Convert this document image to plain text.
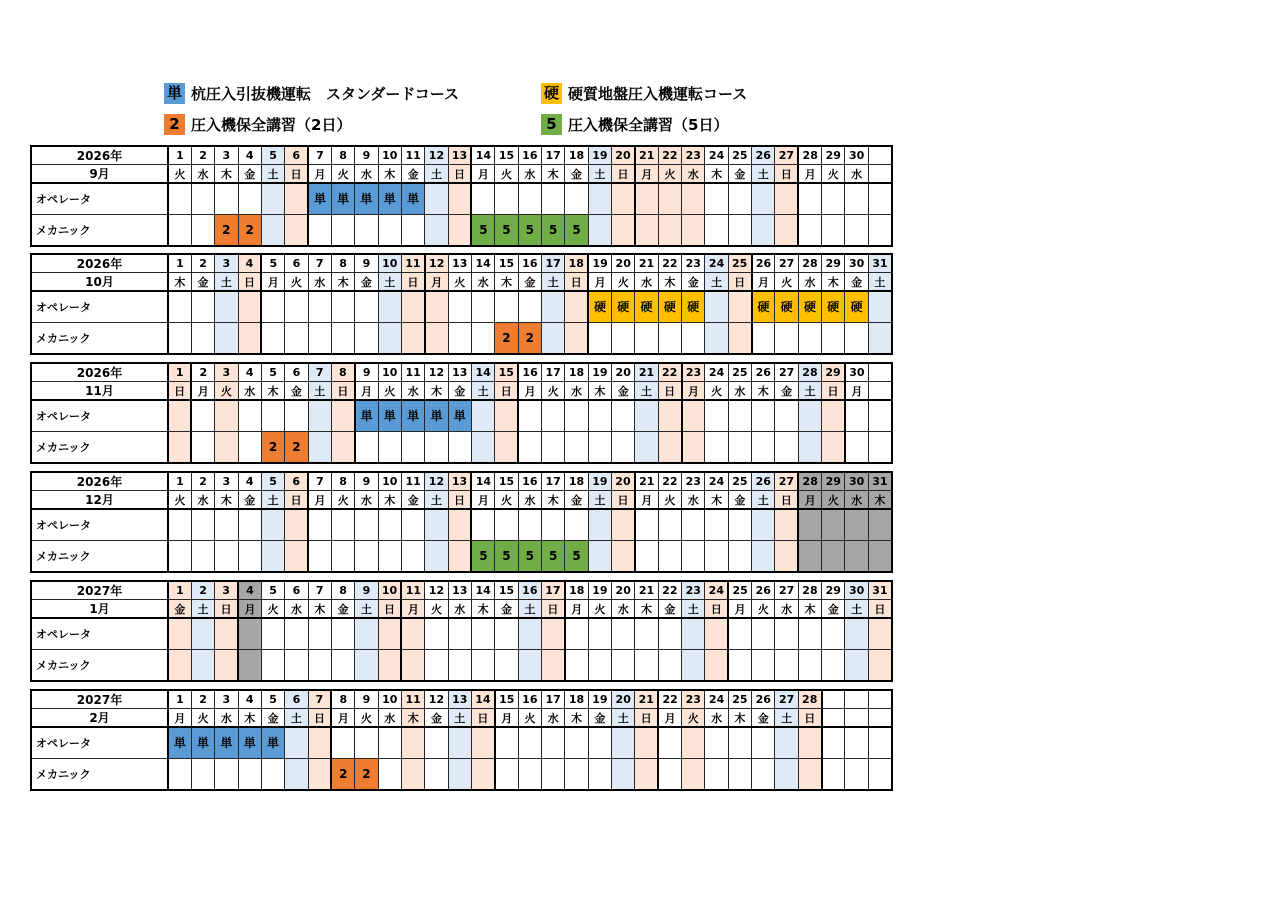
単 杭圧入引抜機運転　スタンダードコース	硬 硬質地盤圧入機運転コース
2 圧入機保全講習（2日）	5 圧入機保全講習（5日）
2026年	1	2	3	4	5	6	7	8	9	10	11	12	13	14	15	16	17	18	19	20	21	22	23	24	25	26	27	28	29	30	
9月	火	水	木	金	土	日	月	火	水	木	金	土	日	月	火	水	木	金	土	日	月	火	水	木	金	土	日	月	火	水	
オペレータ							単	単	単	単	単																				
メカニック			2	2										5	5	5	5	5													
2026年	1	2	3	4	5	6	7	8	9	10	11	12	13	14	15	16	17	18	19	20	21	22	23	24	25	26	27	28	29	30	31
10月	木	金	土	日	月	火	水	木	金	土	日	月	火	水	木	金	土	日	月	火	水	木	金	土	日	月	火	水	木	金	土
オペレータ																			硬	硬	硬	硬	硬			硬	硬	硬	硬	硬	
メカニック															2	2															
2026年	1	2	3	4	5	6	7	8	9	10	11	12	13	14	15	16	17	18	19	20	21	22	23	24	25	26	27	28	29	30	
11月	日	月	火	水	木	金	土	日	月	火	水	木	金	土	日	月	火	水	木	金	土	日	月	火	水	木	金	土	日	月	
オペレータ									単	単	単	単	単																		
メカニック					2	2																									
2026年	1	2	3	4	5	6	7	8	9	10	11	12	13	14	15	16	17	18	19	20	21	22	23	24	25	26	27	28	29	30	31
12月	火	水	木	金	土	日	月	火	水	木	金	土	日	月	火	水	木	金	土	日	月	火	水	木	金	土	日	月	火	水	木
オペレータ																															
メカニック														5	5	5	5	5													
2027年	1	2	3	4	5	6	7	8	9	10	11	12	13	14	15	16	17	18	19	20	21	22	23	24	25	26	27	28	29	30	31
1月	金	土	日	月	火	水	木	金	土	日	月	火	水	木	金	土	日	月	火	水	木	金	土	日	月	火	水	木	金	土	日
オペレータ																															
メカニック																															
2027年	1	2	3	4	5	6	7	8	9	10	11	12	13	14	15	16	17	18	19	20	21	22	23	24	25	26	27	28			
2月	月	火	水	木	金	土	日	月	火	水	木	金	土	日	月	火	水	木	金	土	日	月	火	水	木	金	土	日			
オペレータ	単	単	単	単	単																										
メカニック								2	2																						
